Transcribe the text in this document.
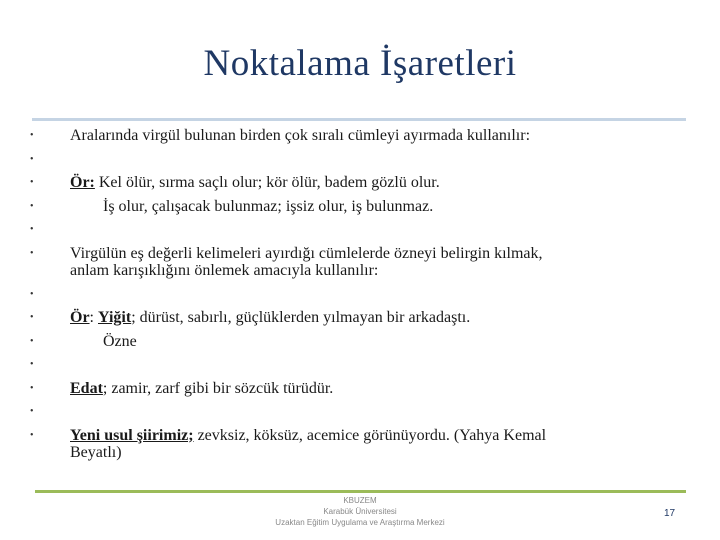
Noktalama İşaretleri
• Aralarında virgül bulunan birden çok sıralı cümleyi ayırmada kullanılır:
•
• Ör: Kel ölür, sırma saçlı olur; kör ölür, badem gözlü olur.
•	İş olur, çalışacak bulunmaz; işsiz olur, iş bulunmaz.
•
• Virgülün eş değerli kelimeleri ayırdığı cümlelerde özneyi belirgin kılmak,
anlam karışıklığını önlemek amacıyla kullanılır:
•
• Ör: Yiğit; dürüst, sabırlı, güçlüklerden yılmayan bir arkadaştı.
•	Özne
•
• Edat; zamir, zarf gibi bir sözcük türüdür.
•
• Yeni usul şiirimiz; zevksiz, köksüz, acemice görünüyordu. (Yahya Kemal
Beyatlı)
KBUZEM
Karabük Üniversitesi
Uzaktan Eğitim Uygulama ve Araştırma Merkezi
17
